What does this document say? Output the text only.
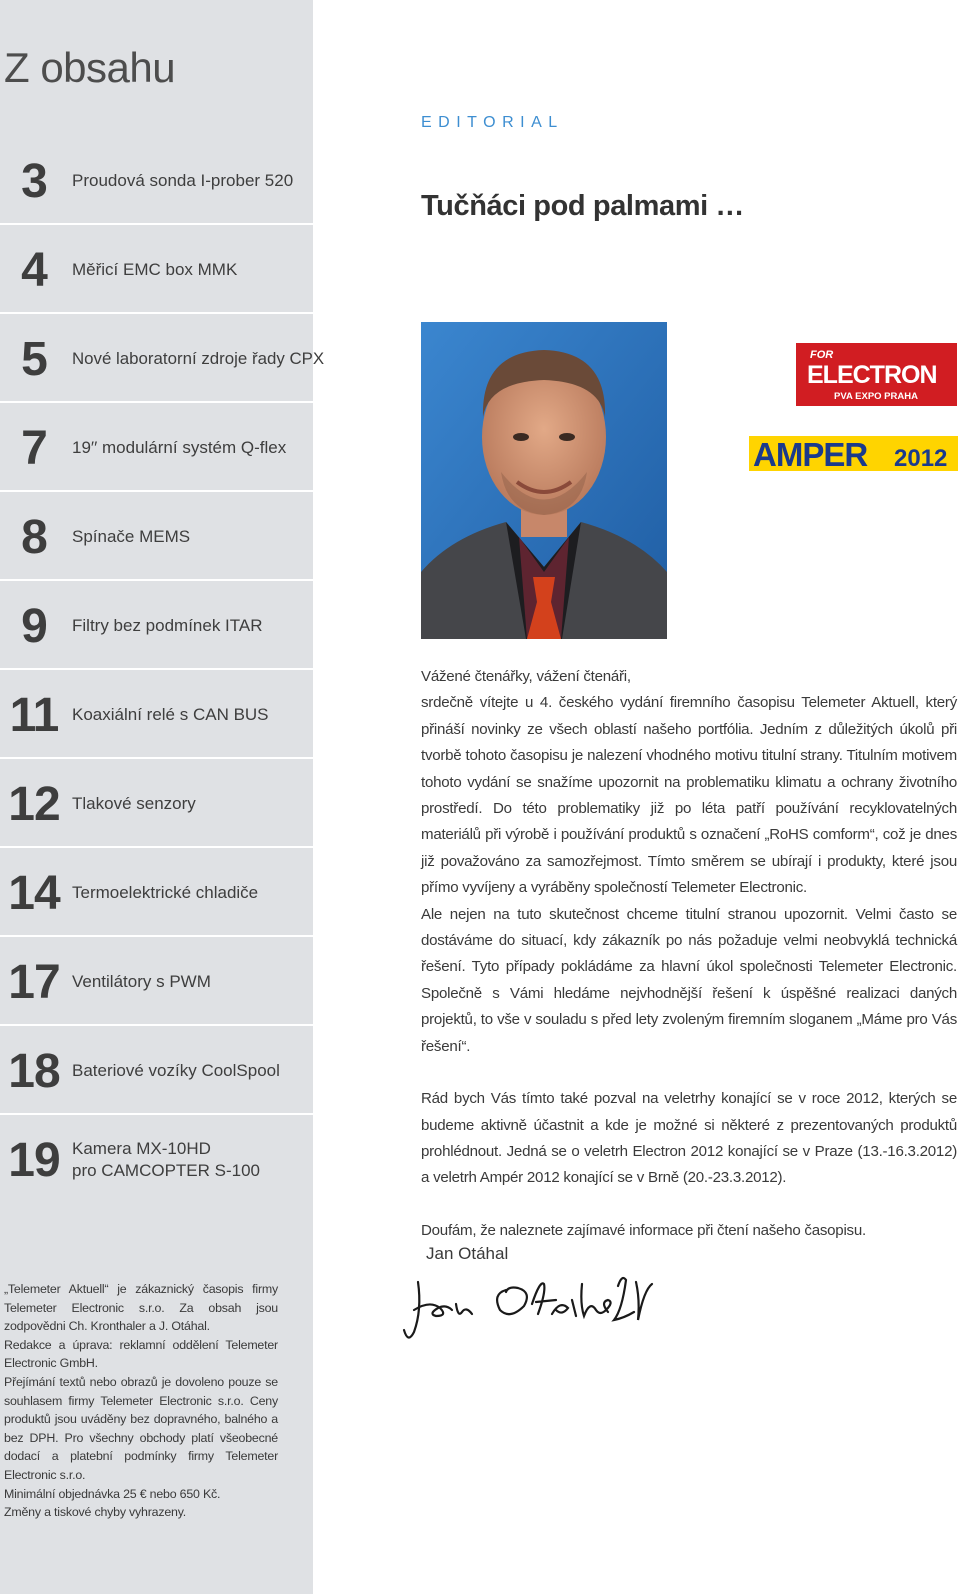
Z obsahu
3	Proudová sonda I-prober 520
4	Měřicí EMC box MMK
5	Nové laboratorní zdroje řady CPX
7	19′′ modulární systém Q-flex
8	Spínače MEMS
9	Filtry bez podmínek ITAR
11 Koaxiální relé s CAN BUS
12 Tlakové senzory
14 Termoelektrické chladiče
17 Ventilátory s PWM
18 Bateriové vozíky CoolSpool
19 Kamera MX-10HD
pro CAMCOPTER S-100

„Telemeter Aktuell“ je zákaznický časopis firmy Telemeter Electronic s.r.o. Za obsah jsou zodpovědni Ch. Kronthaler a J. Otáhal.

Redakce a úprava: reklamní oddělení Telemeter Electronic GmbH.

Přejímání textů nebo obrazů je dovoleno pouze se souhlasem firmy Telemeter Electronic s.r.o. Ceny produktů jsou uváděny bez dopravného, balného a bez DPH. Pro všechny obchody platí všeobecné dodací a platební podmínky firmy Telemeter Electronic s.r.o.

Minimální objednávka 25 € nebo 650 Kč.

Změny a tiskové chyby vyhrazeny.

EDITORIAL
Tučňáci pod palmami …
FOR
ELECTRON
PVA EXPO PRAHA
AMPER 2012

Vážené čtenářky, vážení čtenáři,

srdečně vítejte u 4. českého vydání firemního časopisu Telemeter Aktuell, který přináší novinky ze všech oblastí našeho portfólia. Jedním z důležitých úkolů při tvorbě tohoto časopisu je nalezení vhodného motivu titulní strany. Titulním motivem tohoto vydání se snažíme upozornit na problematiku klimatu a ochrany životního prostředí. Do této problematiky již po léta patří používání recyklovatelných materiálů při výrobě i používání produktů s označení „RoHS comform“, což je dnes již považováno za samozřejmost. Tímto směrem se ubírají i produkty, které jsou přímo vyvíjeny a vyráběny společností Telemeter Electronic.

Ale nejen na tuto skutečnost chceme titulní stranou upozornit. Velmi často se dostáváme do situací, kdy zákazník po nás požaduje velmi neobvyklá technická řešení. Tyto případy pokládáme za hlavní úkol společnosti Telemeter Electronic. Společně s Vámi hledáme nejvhodnější řešení k úspěšné realizaci daných projektů, to vše v souladu s před lety zvoleným firemním sloganem „Máme pro Vás řešení“.

Rád bych Vás tímto také pozval na veletrhy konající se v roce 2012, kterých se budeme aktivně účastnit a kde je možné si některé z prezentovaných produktů prohlédnout. Jedná se o veletrh Electron 2012 konající se v Praze (13.-16.3.2012) a veletrh Ampér 2012 konající se v Brně (20.-23.3.2012).

Doufám, že naleznete zajímavé informace při čtení našeho časopisu.

Jan Otáhal
